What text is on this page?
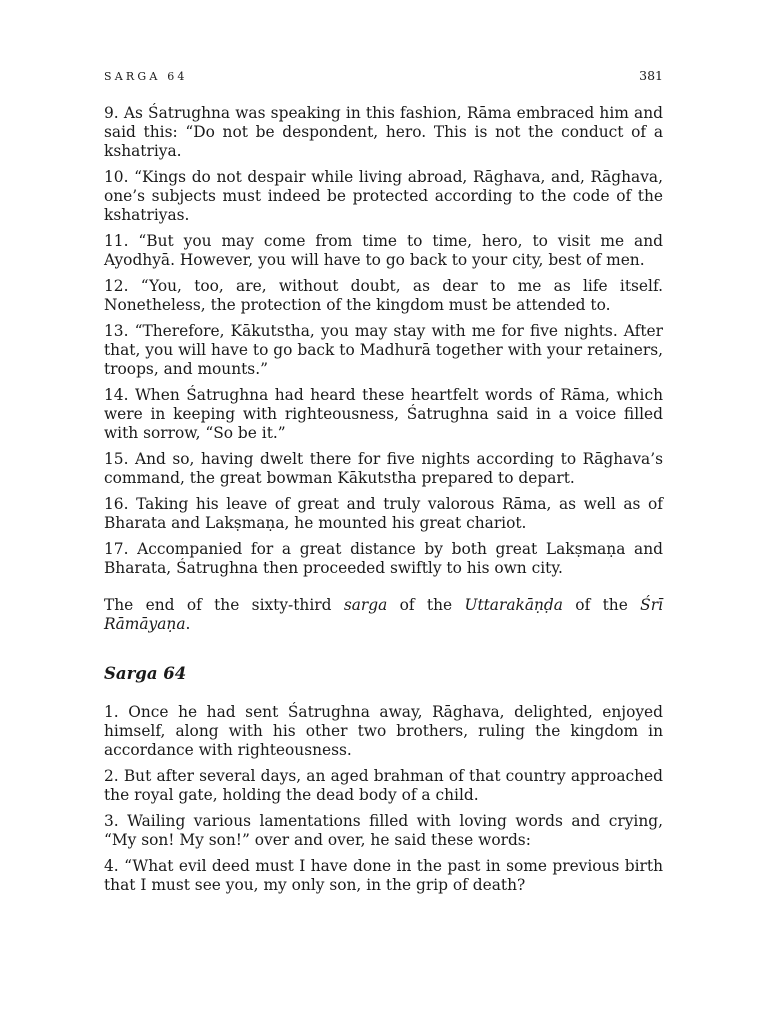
SARGA 64	381

9. As Śatrughna was speaking in this fashion, Rāma embraced him and said this: “Do not be despondent, hero. This is not the conduct of a kshatriya.

10. “Kings do not despair while living abroad, Rāghava, and, Rāghava, one’s subjects must indeed be protected according to the code of the kshatriyas.

11. “But you may come from time to time, hero, to visit me and Ayodhyā. However, you will have to go back to your city, best of men.

12. “You, too, are, without doubt, as dear to me as life itself. Nonetheless, the protection of the kingdom must be attended to.

13. “Therefore, Kākutstha, you may stay with me for five nights. After that, you will have to go back to Madhurā together with your retainers, troops, and mounts.”

14. When Śatrughna had heard these heartfelt words of Rāma, which were in keeping with righteousness, Śatrughna said in a voice filled with sorrow, “So be it.”

15. And so, having dwelt there for five nights according to Rāghava’s command, the great bowman Kākutstha prepared to depart.

16. Taking his leave of great and truly valorous Rāma, as well as of Bharata and Lakṣmaṇa, he mounted his great chariot.

17. Accompanied for a great distance by both great Lakṣmaṇa and Bharata, Śatrughna then proceeded swiftly to his own city.

The end of the sixty-third sarga of the Uttarakāṇḍa of the Śrī Rāmāyaṇa.

Sarga 64

1. Once he had sent Śatrughna away, Rāghava, delighted, enjoyed himself, along with his other two brothers, ruling the kingdom in accordance with righteousness.

2. But after several days, an aged brahman of that country approached the royal gate, holding the dead body of a child.

3. Wailing various lamentations filled with loving words and crying, “My son! My son!” over and over, he said these words:

4. “What evil deed must I have done in the past in some previous birth that I must see you, my only son, in the grip of death?
